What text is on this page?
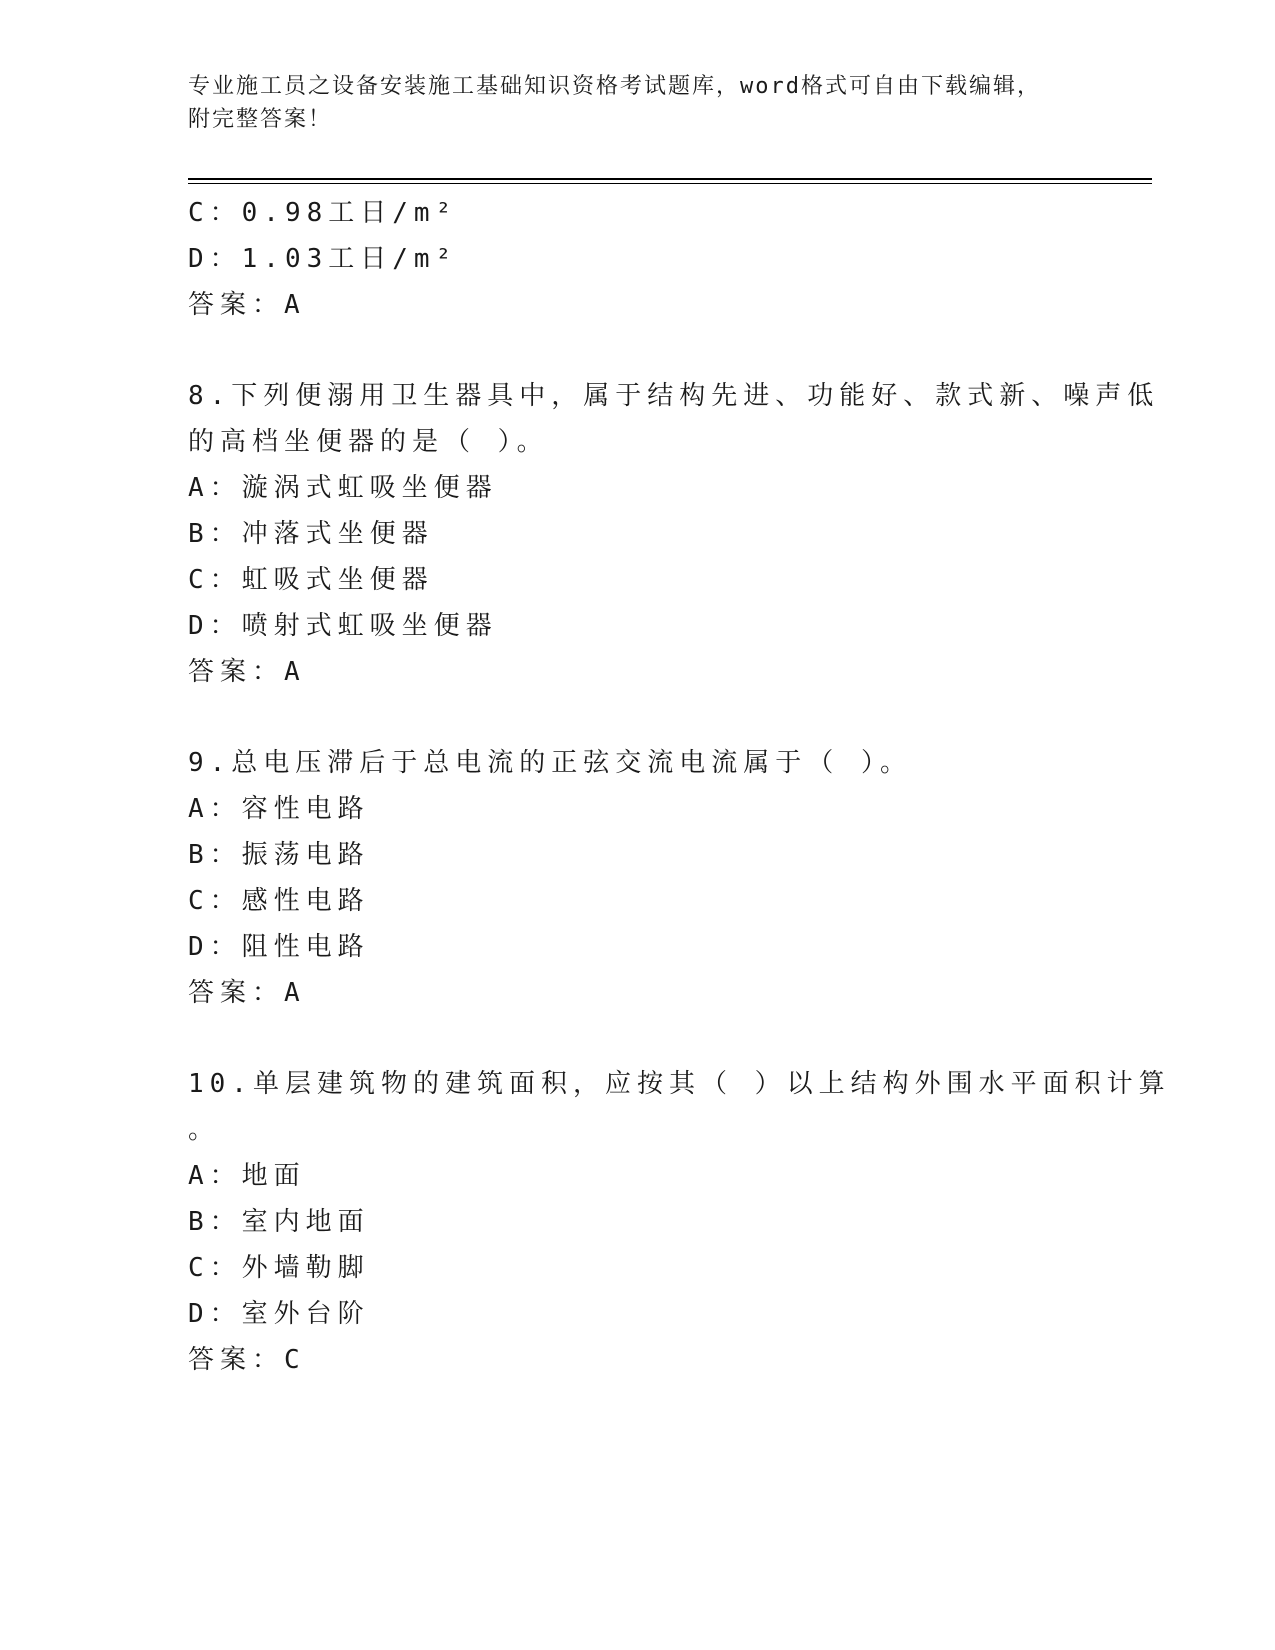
专业施工员之设备安装施工基础知识资格考试题库，word格式可自由下载编辑，
附完整答案！
C：0.98工日/m²
D：1.03工日/m²
答案：A
8.下列便溺用卫生器具中，属于结构先进、功能好、款式新、噪声低
的高档坐便器的是（ ）。
A：漩涡式虹吸坐便器
B：冲落式坐便器
C：虹吸式坐便器
D：喷射式虹吸坐便器
答案：A
9.总电压滞后于总电流的正弦交流电流属于（ ）。
A：容性电路
B：振荡电路
C：感性电路
D：阻性电路
答案：A
10.单层建筑物的建筑面积，应按其（ ）以上结构外围水平面积计算
。
A：地面
B：室内地面
C：外墙勒脚
D：室外台阶
答案：C
